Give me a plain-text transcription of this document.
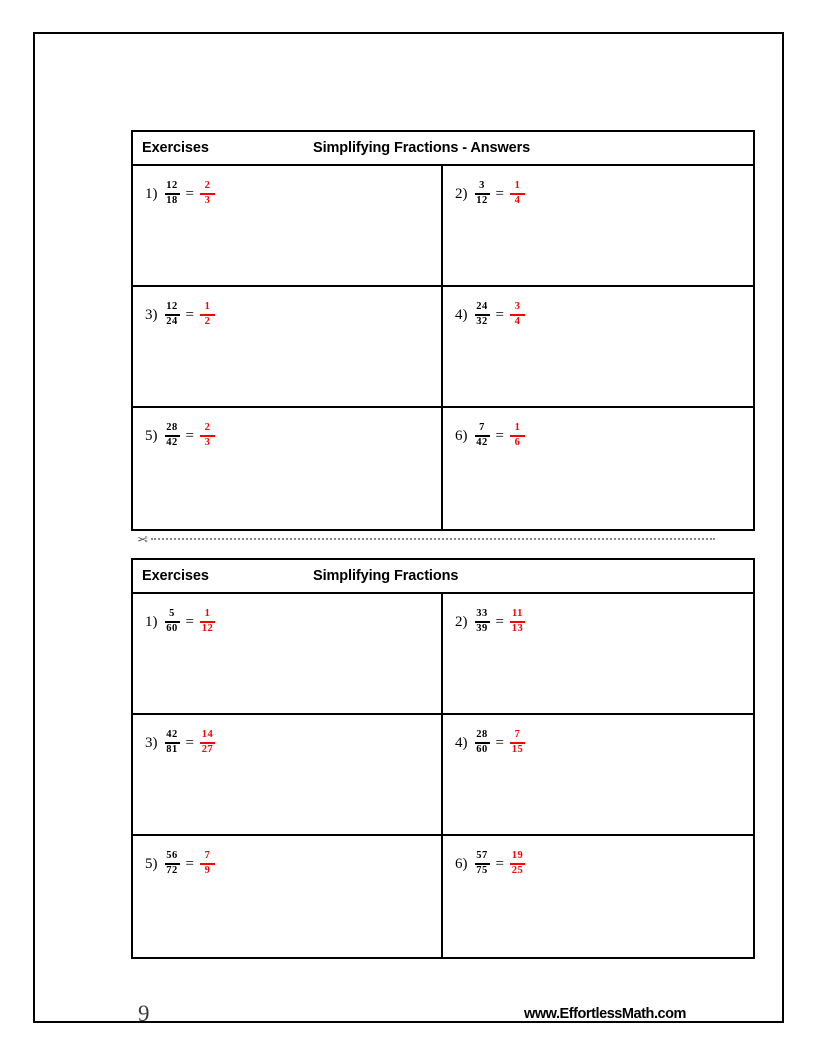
Exercises	Simplifying Fractions - Answers
$1) \frac{12}{18} = \frac{2}{3}$	$2) \frac{3}{12} = \frac{1}{4}$
$3) \frac{12}{24} = \frac{1}{2}$	$4) \frac{24}{32} = \frac{3}{4}$
$5) \frac{28}{42} = \frac{2}{3}$	$6) \frac{7}{42} = \frac{1}{6}$
✂
Exercises	Simplifying Fractions
$1) \frac{5}{60} = \frac{1}{12}$	$2) \frac{33}{39} = \frac{11}{13}$
$3) \frac{42}{81} = \frac{14}{27}$	$4) \frac{28}{60} = \frac{7}{15}$
$5) \frac{56}{72} = \frac{7}{9}$	$6) \frac{57}{75} = \frac{19}{25}$
9	www.EffortlessMath.com
